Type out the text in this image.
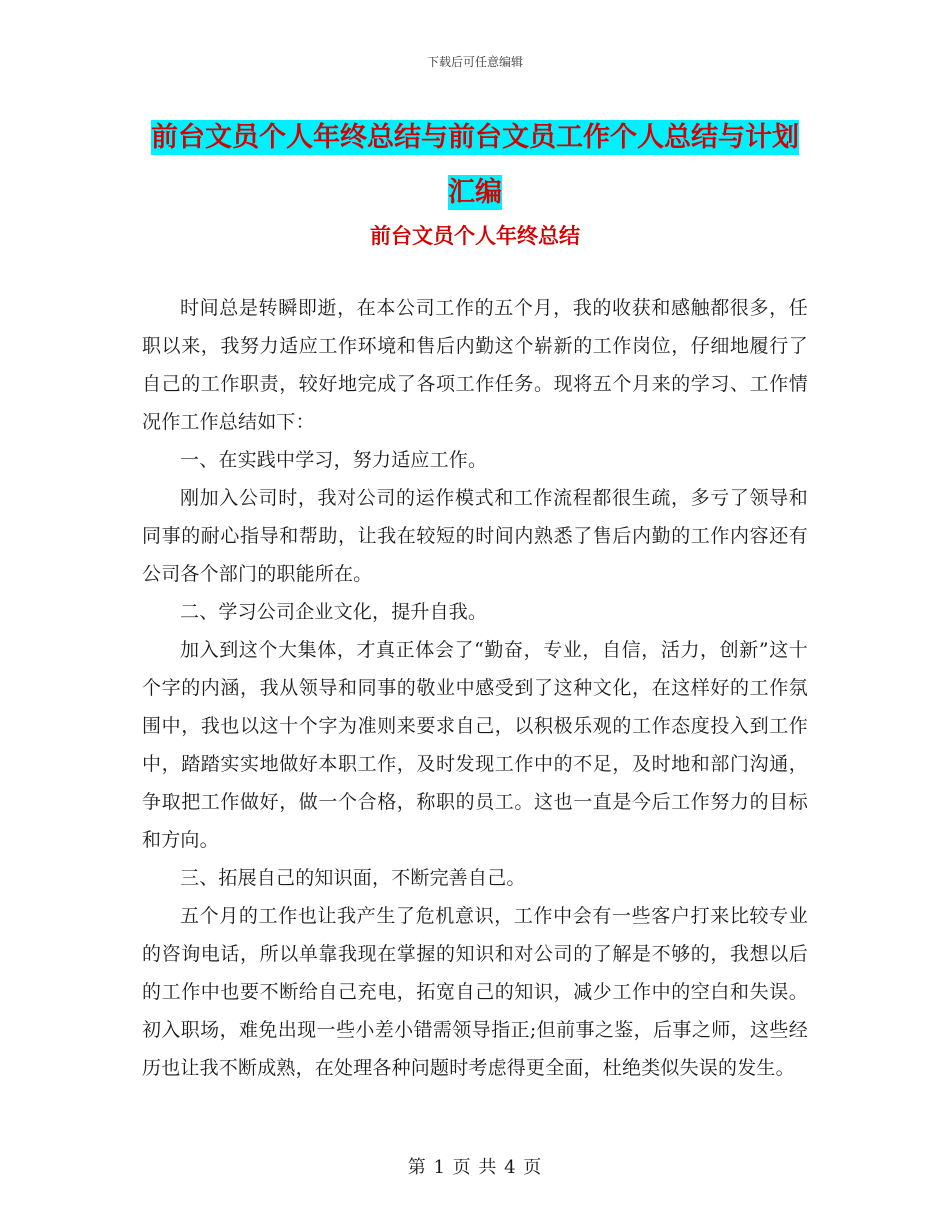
下载后可任意编辑
前台文员个人年终总结与前台文员工作个人总结与计划汇编
前台文员个人年终总结

时间总是转瞬即逝，在本公司工作的五个月，我的收获和感触都很多，任职以来，我努力适应工作环境和售后内勤这个崭新的工作岗位，仔细地履行了自己的工作职责，较好地完成了各项工作任务。现将五个月来的学习、工作情况作工作总结如下：

一、在实践中学习，努力适应工作。

刚加入公司时，我对公司的运作模式和工作流程都很生疏，多亏了领导和同事的耐心指导和帮助，让我在较短的时间内熟悉了售后内勤的工作内容还有公司各个部门的职能所在。

二、学习公司企业文化，提升自我。

加入到这个大集体，才真正体会了“勤奋，专业，自信，活力，创新”这十个字的内涵，我从领导和同事的敬业中感受到了这种文化，在这样好的工作氛围中，我也以这十个字为准则来要求自己，以积极乐观的工作态度投入到工作中，踏踏实实地做好本职工作，及时发现工作中的不足，及时地和部门沟通，争取把工作做好，做一个合格，称职的员工。这也一直是今后工作努力的目标和方向。

三、拓展自己的知识面，不断完善自己。

五个月的工作也让我产生了危机意识，工作中会有一些客户打来比较专业的咨询电话，所以单靠我现在掌握的知识和对公司的了解是不够的，我想以后的工作中也要不断给自己充电，拓宽自己的知识，减少工作中的空白和失误。初入职场，难免出现一些小差小错需领导指正;但前事之鉴，后事之师，这些经历也让我不断成熟，在处理各种问题时考虑得更全面，杜绝类似失误的发生。

第 1 页 共 4 页
